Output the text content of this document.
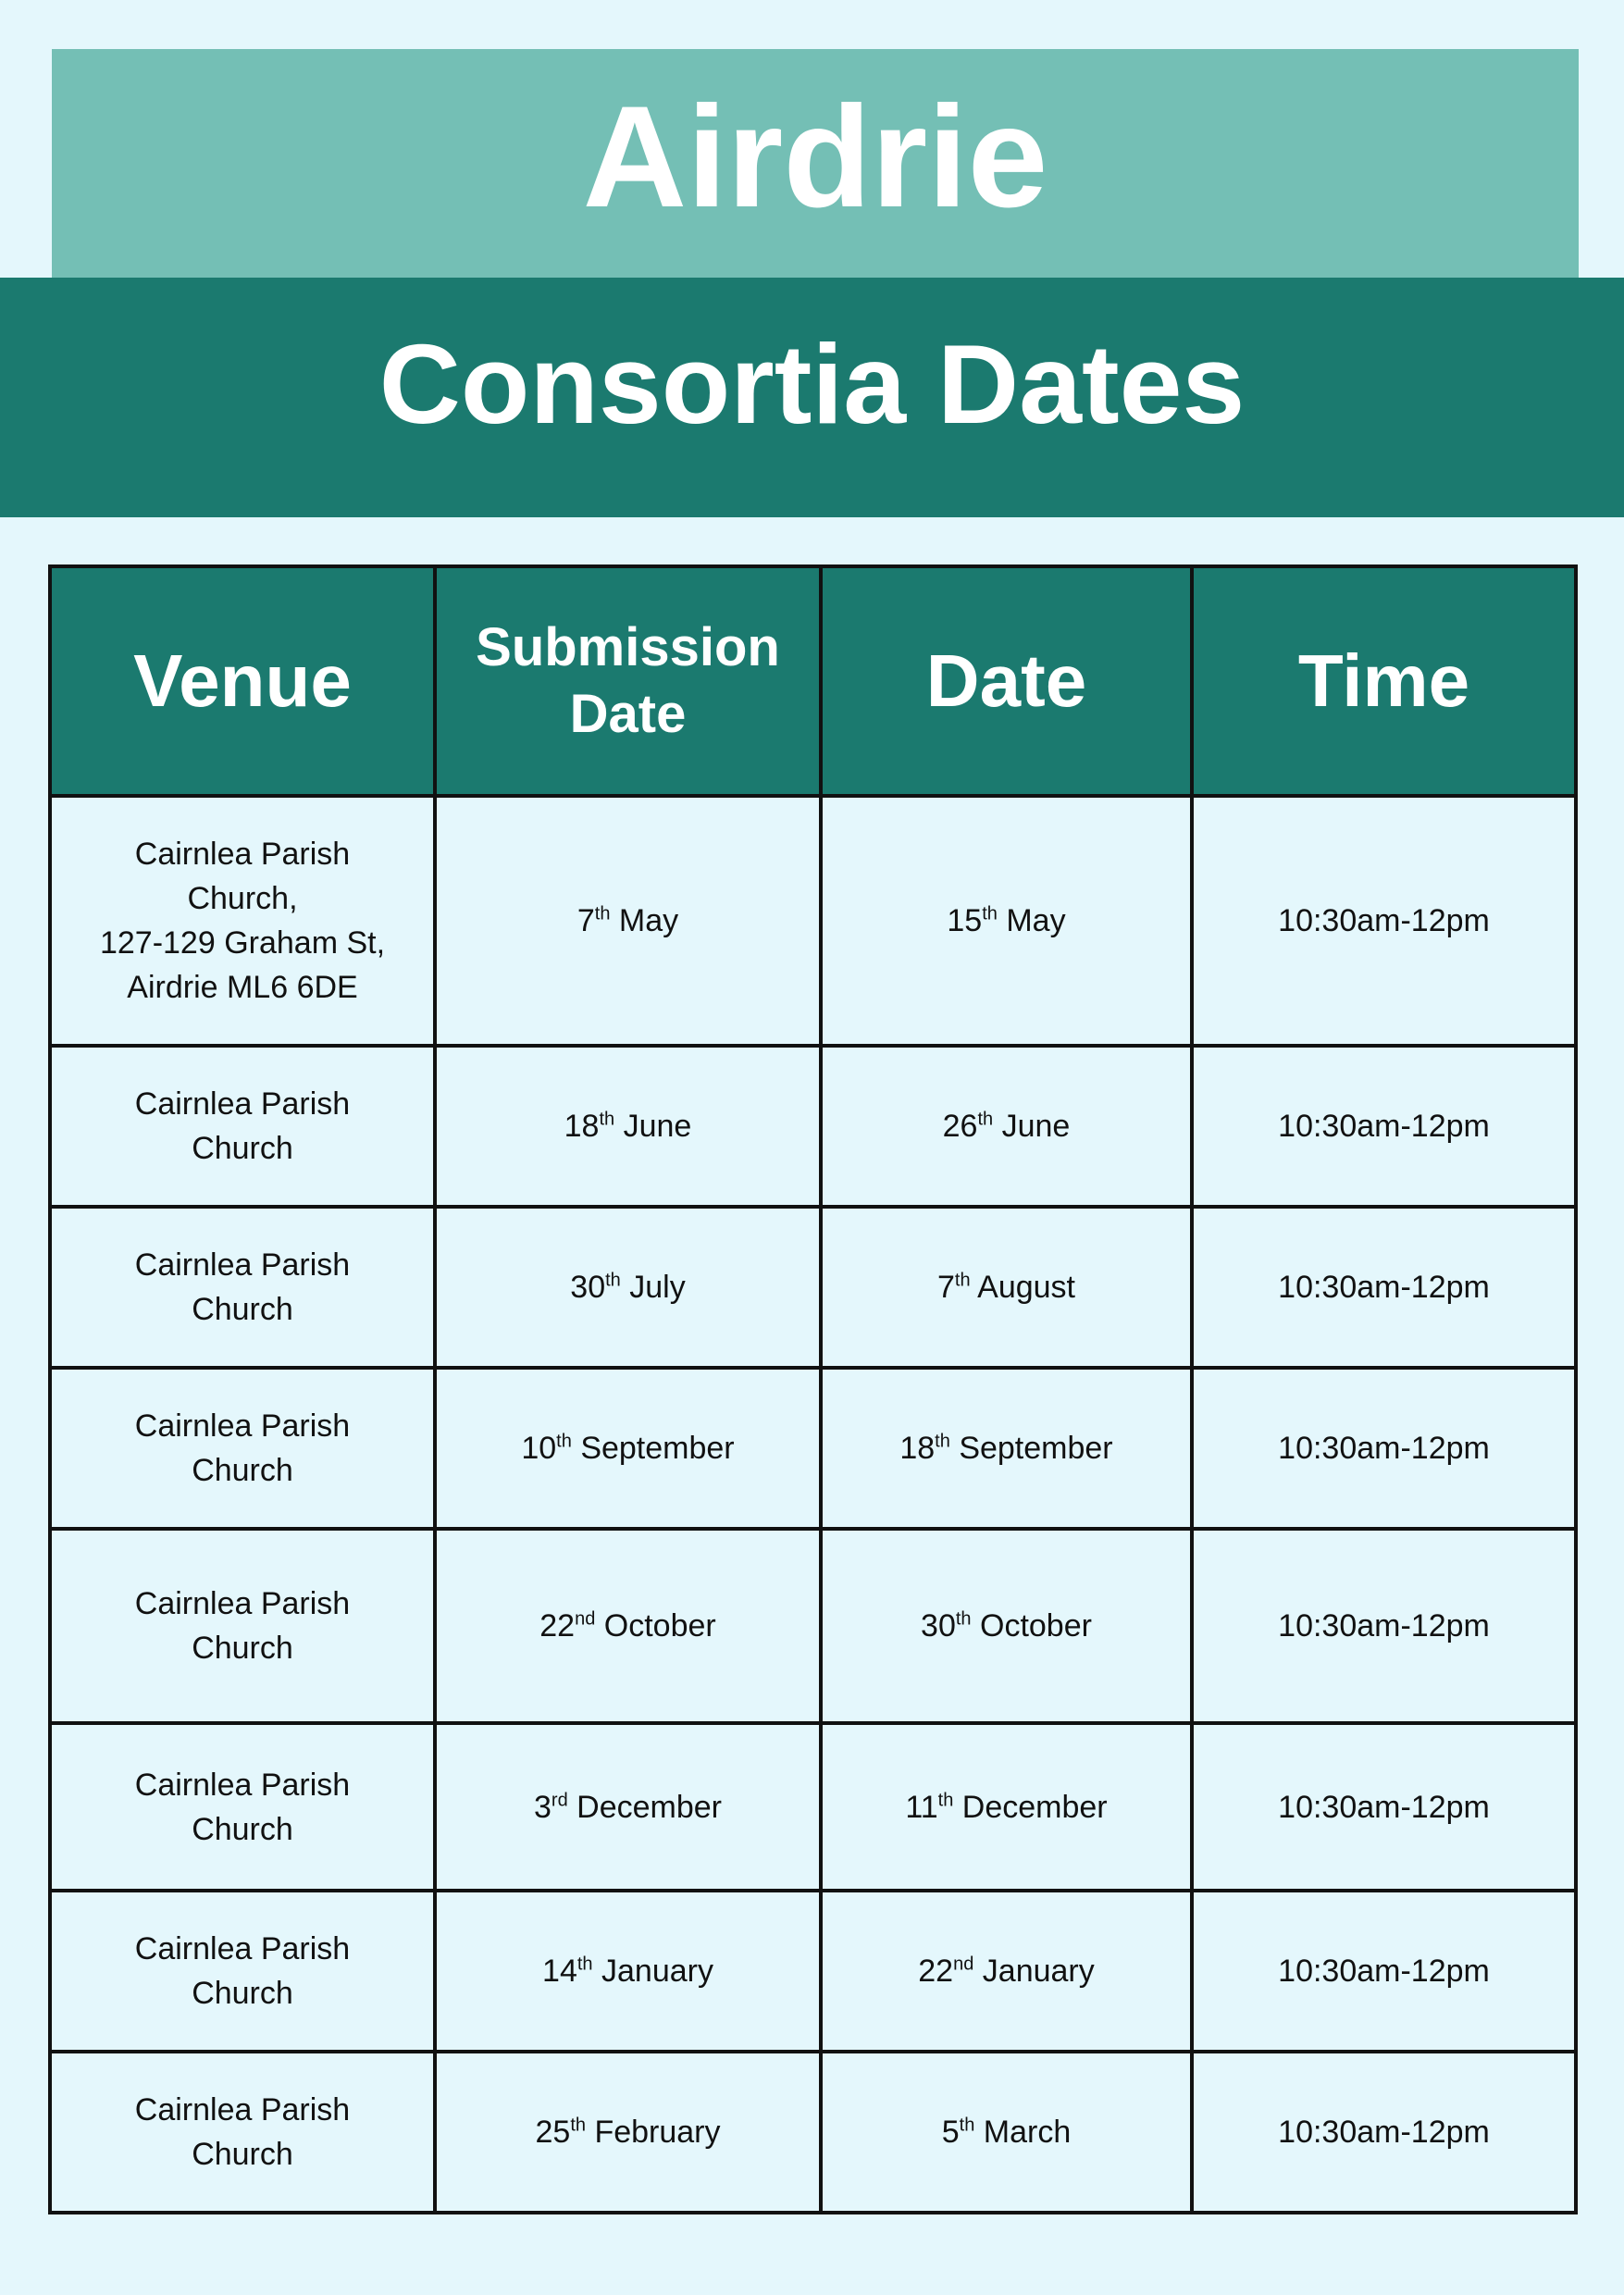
Airdrie
Consortia Dates
Venue	Submission Date	Date	Time
Cairnlea Parish
Church,
127-129 Graham St,
Airdrie ML6 6DE	7th May	15th May	10:30am-12pm
Cairnlea Parish
Church	18th June	26th June	10:30am-12pm
Cairnlea Parish
Church	30th July	7th August	10:30am-12pm
Cairnlea Parish
Church	10th September	18th September	10:30am-12pm
Cairnlea Parish
Church	22nd October	30th October	10:30am-12pm
Cairnlea Parish
Church	3rd December	11th December	10:30am-12pm
Cairnlea Parish
Church	14th January	22nd January	10:30am-12pm
Cairnlea Parish
Church	25th February	5th March	10:30am-12pm
